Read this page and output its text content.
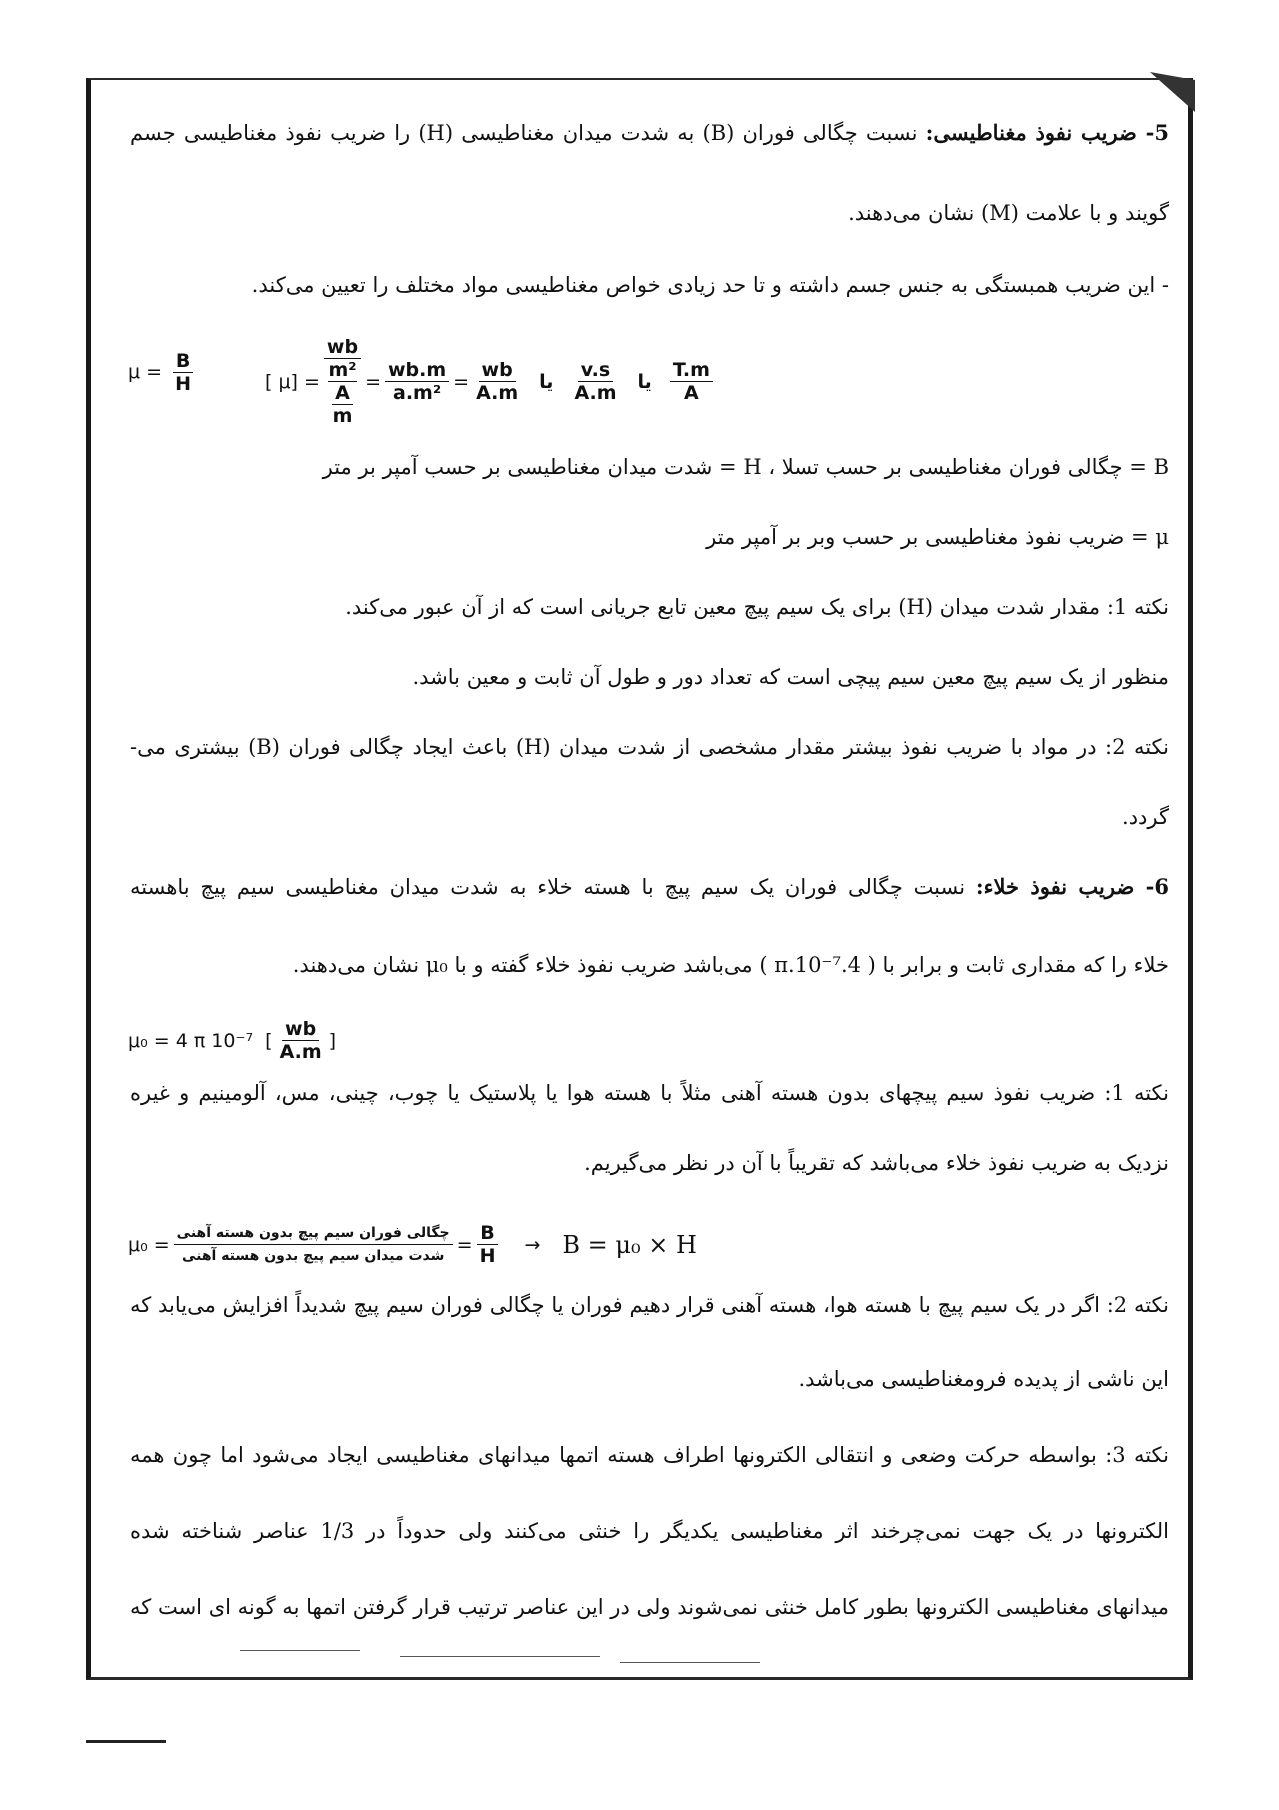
5- ضریب نفوذ مغناطیسی: نسبت چگالی فوران (B) به شدت میدان مغناطیسی (H) را ضریب نفوذ مغناطیسی جسم
گویند و با علامت (M) نشان می‌دهند.
- این ضریب همبستگی به جنس جسم داشته و تا حد زیادی خواص مغناطیسی مواد مختلف را تعیین می‌کند.
$\mu = \frac{B}{H}$	[ μ] = wb
m²
$\frac{A}{m} = \frac{wb.m}{\text{a.m²}} = \frac{wb}{A.m}$ یا $\frac{v.s}{A.m}$ یا $\frac{T.m}{A}$
B = چگالی فوران مغناطیسی بر حسب تسلا ، H = شدت میدان مغناطیسی بر حسب آمپر بر متر
μ = ضریب نفوذ مغناطیسی بر حسب وبر بر آمپر متر
نکته 1: مقدار شدت میدان (H) برای یک سیم پیچ معین تابع جریانی است که از آن عبور می‌کند.
منظور از یک سیم پیچ معین سیم پیچی است که تعداد دور و طول آن ثابت و معین باشد.
نکته 2: در مواد با ضریب نفوذ بیشتر مقدار مشخصی از شدت میدان (H) باعث ایجاد چگالی فوران (B) بیشتری می-
گردد.
6- ضریب نفوذ خلاء: نسبت چگالی فوران یک سیم پیچ با هسته خلاء به شدت میدان مغناطیسی سیم پیچ باهسته
خلاء را که مقداری ثابت و برابر با ( 4.π.10⁻⁷ ) می‌باشد ضریب نفوذ خلاء گفته و با μ₀ نشان می‌دهند.
μ₀ = 4 π 10⁻⁷ [ $\frac{wb}{A.m}$ ]
نکته 1: ضریب نفوذ سیم پیچهای بدون هسته آهنی مثلاً با هسته هوا یا پلاستیک یا چوب، چینی، مس، آلومینیم و غیره
نزدیک به ضریب نفوذ خلاء می‌باشد که تقریباً با آن در نظر می‌گیریم.
$\mu_0 = \frac{\text{چگالی فوران سیم پیچ بدون هسته آهنی}}{\text{شدت میدان سیم پیچ بدون هسته آهنی}} = \frac{B}{H} \to B = \mu_0 \times H$
نکته 2: اگر در یک سیم پیچ با هسته هوا، هسته آهنی قرار دهیم فوران یا چگالی فوران سیم پیچ شدیداً افزایش می‌یابد که
این ناشی از پدیده فرومغناطیسی می‌باشد.
نکته 3: بواسطه حرکت وضعی و انتقالی الکترونها اطراف هسته اتمها میدانهای مغناطیسی ایجاد می‌شود اما چون همه
الکترونها در یک جهت نمی‌چرخند اثر مغناطیسی یکدیگر را خنثی می‌کنند ولی حدوداً در 1/3 عناصر شناخته شده
میدانهای مغناطیسی الکترونها بطور کامل خنثی نمی‌شوند ولی در این عناصر ترتیب قرار گرفتن اتمها به گونه ای است که
